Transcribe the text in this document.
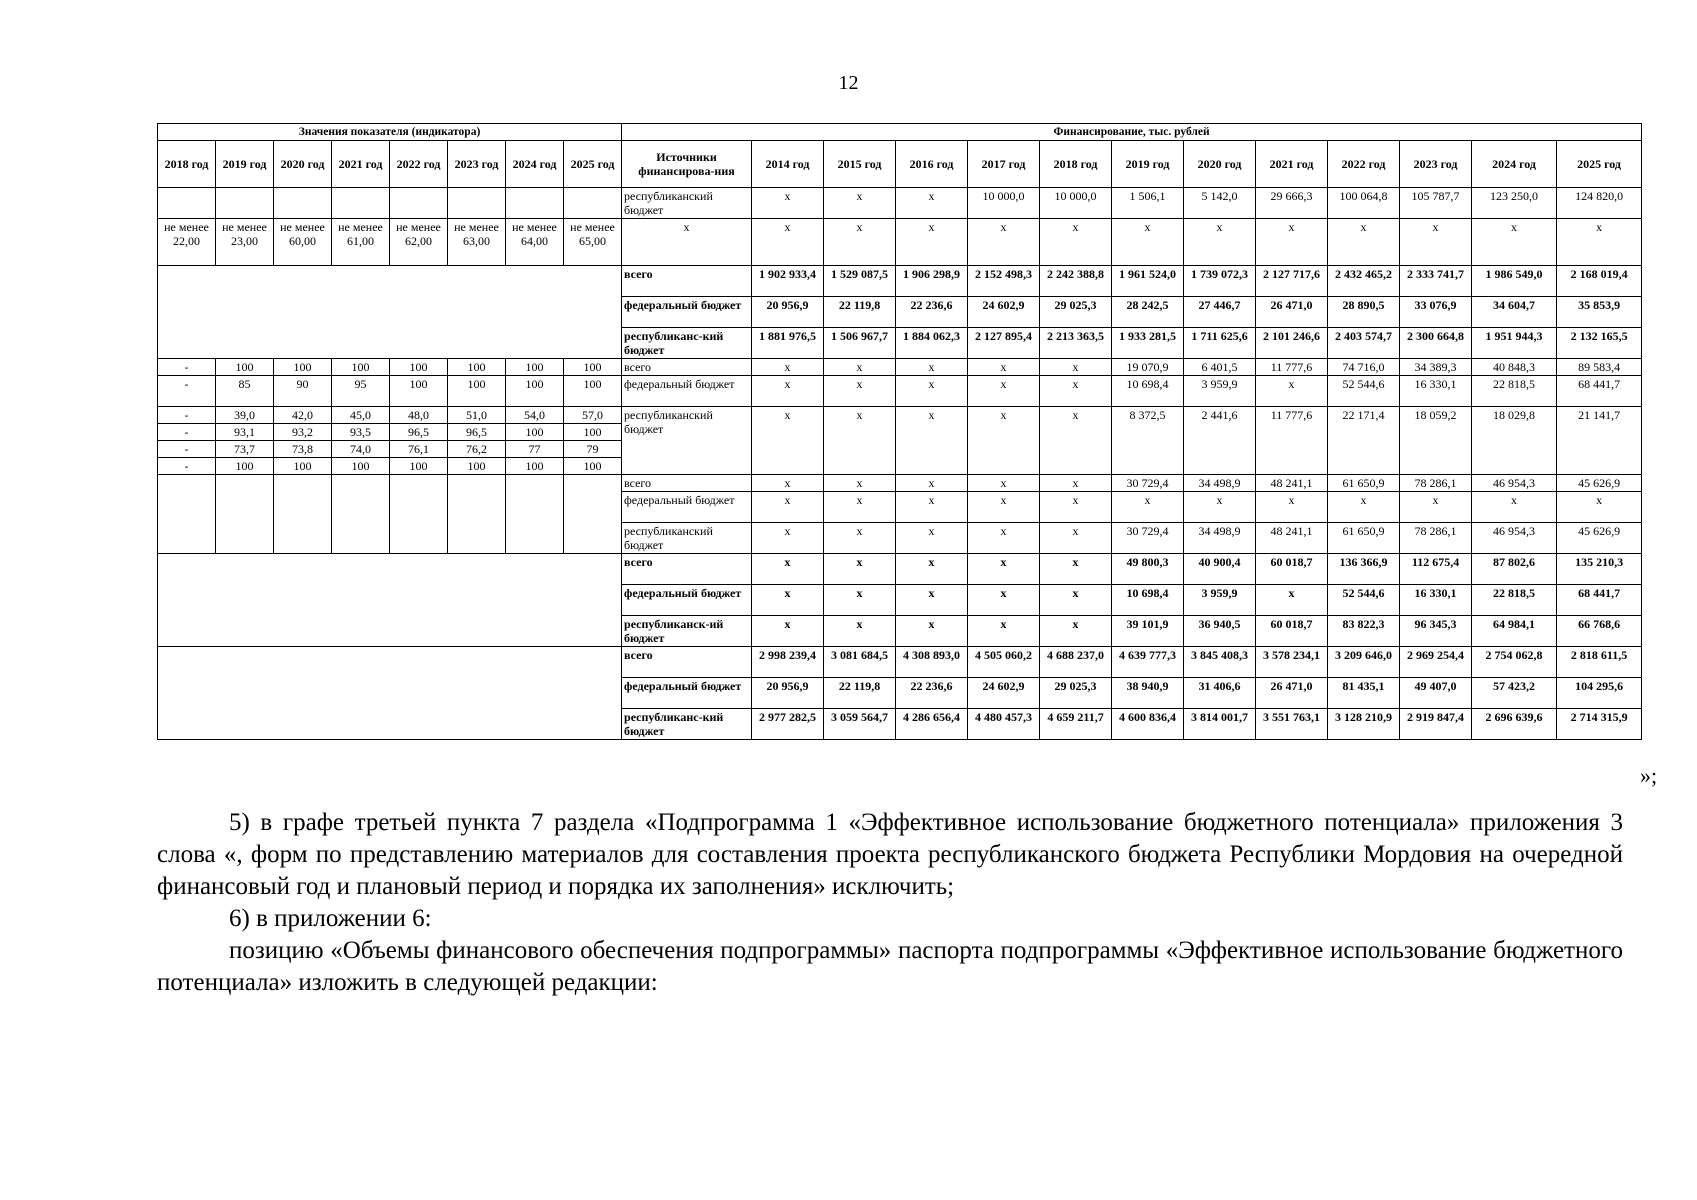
12
Значения показателя (индикатора)								Финансирование, тыс. рублей												
2018 год	2019 год	2020 год	2021 год	2022 год	2023 год	2024 год	2025 год	Источники финансирова-ния	2014 год	2015 год	2016 год	2017 год	2018 год	2019 год	2020 год	2021 год	2022 год	2023 год	2024 год	2025 год
								республиканский бюджет	х	х	х	10 000,0	10 000,0	1 506,1	5 142,0	29 666,3	100 064,8	105 787,7	123 250,0	124 820,0
не менее 22,00	не менее 23,00	не менее 60,00	не менее 61,00	не менее 62,00	не менее 63,00	не менее 64,00	не менее 65,00	х	х	х	х	х	х	х	х	х	х	х	х	х
								всего	1 902 933,4	1 529 087,5	1 906 298,9	2 152 498,3	2 242 388,8	1 961 524,0	1 739 072,3	2 127 717,6	2 432 465,2	2 333 741,7	1 986 549,0	2 168 019,4
								федеральный бюджет	20 956,9	22 119,8	22 236,6	24 602,9	29 025,3	28 242,5	27 446,7	26 471,0	28 890,5	33 076,9	34 604,7	35 853,9
								республиканс-кий бюджет	1 881 976,5	1 506 967,7	1 884 062,3	2 127 895,4	2 213 363,5	1 933 281,5	1 711 625,6	2 101 246,6	2 403 574,7	2 300 664,8	1 951 944,3	2 132 165,5
-	100	100	100	100	100	100	100	всего	х	х	х	х	х	19 070,9	6 401,5	11 777,6	74 716,0	34 389,3	40 848,3	89 583,4
-	85	90	95	100	100	100	100	федеральный бюджет	х	х	х	х	х	10 698,4	3 959,9	х	52 544,6	16 330,1	22 818,5	68 441,7
-	39,0	42,0	45,0	48,0	51,0	54,0	57,0	республиканский бюджет	х	х	х	х	х	8 372,5	2 441,6	11 777,6	22 171,4	18 059,2	18 029,8	21 141,7
-	93,1	93,2	93,5	96,5	96,5	100	100													
-	73,7	73,8	74,0	76,1	76,2	77	79													
-	100	100	100	100	100	100	100													
								всего	х	х	х	х	х	30 729,4	34 498,9	48 241,1	61 650,9	78 286,1	46 954,3	45 626,9
								федеральный бюджет	х	х	х	х	х	х	х	х	х	х	х	х
								республиканский бюджет	х	х	х	х	х	30 729,4	34 498,9	48 241,1	61 650,9	78 286,1	46 954,3	45 626,9
								всего	х	х	х	х	х	49 800,3	40 900,4	60 018,7	136 366,9	112 675,4	87 802,6	135 210,3
								федеральный бюджет	х	х	х	х	х	10 698,4	3 959,9	х	52 544,6	16 330,1	22 818,5	68 441,7
								республиканск-ий бюджет	х	х	х	х	х	39 101,9	36 940,5	60 018,7	83 822,3	96 345,3	64 984,1	66 768,6
								всего	2 998 239,4	3 081 684,5	4 308 893,0	4 505 060,2	4 688 237,0	4 639 777,3	3 845 408,3	3 578 234,1	3 209 646,0	2 969 254,4	2 754 062,8	2 818 611,5
								федеральный бюджет	20 956,9	22 119,8	22 236,6	24 602,9	29 025,3	38 940,9	31 406,6	26 471,0	81 435,1	49 407,0	57 423,2	104 295,6
								республиканс-кий бюджет	2 977 282,5	3 059 564,7	4 286 656,4	4 480 457,3	4 659 211,7	4 600 836,4	3 814 001,7	3 551 763,1	3 128 210,9	2 919 847,4	2 696 639,6	2 714 315,9
»;

5) в графе третьей пункта 7 раздела «Подпрограмма 1 «Эффективное использование бюджетного потенциала» приложения 3 слова «, форм по представлению материалов для составления проекта республиканского бюджета Республики Мордовия на очередной финансовый год и плановый период и порядка их заполнения» исключить;

6) в приложении 6:

позицию «Объемы финансового обеспечения подпрограммы» паспорта подпрограммы «Эффективное использование бюджетного потенциала» изложить в следующей редакции:
